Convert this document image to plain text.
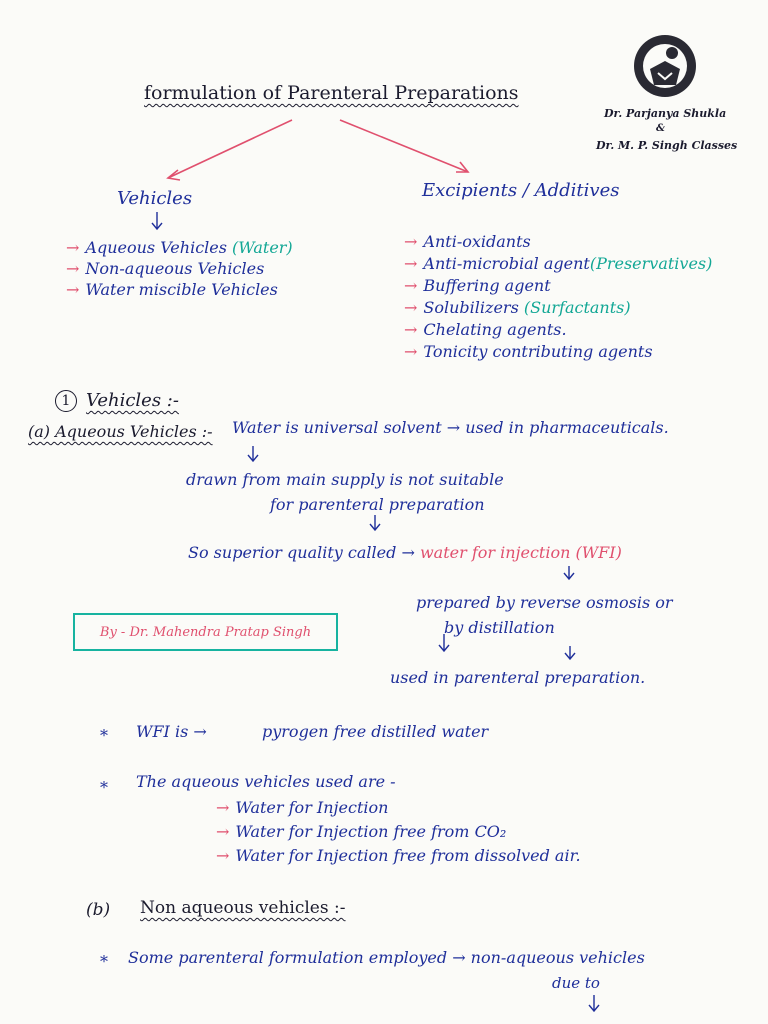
Dr. Parjanya Shukla
&
Dr. M. P. Singh Classes
formulation of Parenteral Preparations
Vehicles	Excipients / Additives
→ Aqueous Vehicles (Water)
→ Non-aqueous Vehicles
→ Water miscible Vehicles
→ Anti-oxidants
→ Anti-microbial agent(Preservatives)
→ Buffering agent
→ Solubilizers (Surfactants)
→ Chelating agents.
→ Tonicity contributing agents
1 Vehicles :-
(a) Aqueous Vehicles :- Water is universal solvent → used in pharmaceuticals.
drawn from main supply is not suitable
for parenteral preparation
So superior quality called → water for injection (WFI)
prepared by reverse osmosis or
by distillation
used in parenteral preparation.
By - Dr. Mahendra Pratap Singh
* WFI is →	pyrogen free distilled water
* The aqueous vehicles used are -
→ Water for Injection
→ Water for Injection free from CO₂
→ Water for Injection free from dissolved air.
(b) Non aqueous vehicles :-
* Some parenteral formulation employed → non-aqueous vehicles
due to
